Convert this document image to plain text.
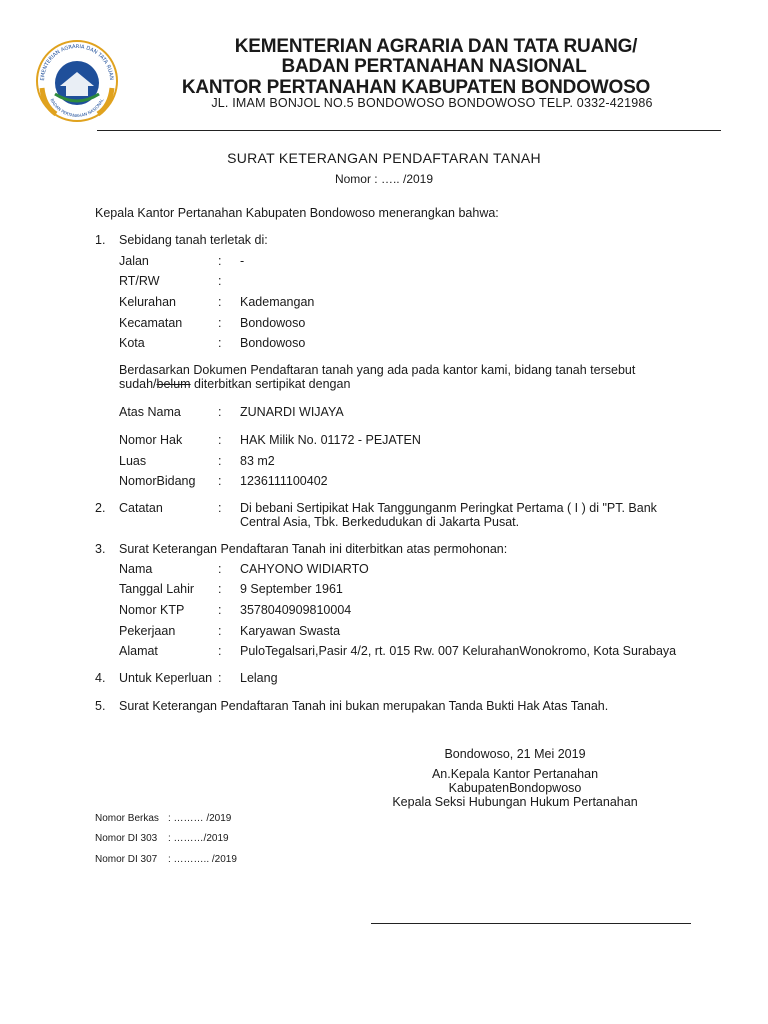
EMENTERIAN AGRARIA DAN TATA RUAN
BADAN PERTANAHAN NASIONAL
KEMENTERIAN AGRARIA DAN TATA RUANG/
BADAN PERTANAHAN NASIONAL
KANTOR PERTANAHAN KABUPATEN BONDOWOSO
JL. IMAM BONJOL NO.5 BONDOWOSO BONDOWOSO TELP. 0332-421986
SURAT KETERANGAN PENDAFTARAN TANAH
Nomor : ….. /2019
Kepala Kantor Pertanahan Kabupaten Bondowoso menerangkan bahwa:
1. Sebidang tanah terletak di:
Jalan	: -
RT/RW	:
Kelurahan	: Kademangan
Kecamatan	: Bondowoso
Kota	: Bondowoso
Berdasarkan Dokumen Pendaftaran tanah yang ada pada kantor kami, bidang tanah tersebut
sudah/belum diterbitkan sertipikat dengan
Atas Nama	: ZUNARDI WIJAYA
Nomor Hak	: HAK Milik No. 01172 - PEJATEN
Luas	: 83 m2
NomorBidang : 1236111100402
2. Catatan	: Di bebani Sertipikat Hak Tanggunganm Peringkat Pertama ( I ) di "PT. Bank
Central Asia, Tbk. Berkedudukan di Jakarta Pusat.
3. Surat Keterangan Pendaftaran Tanah ini diterbitkan atas permohonan:
Nama	: CAHYONO WIDIARTO
Tanggal Lahir : 9 September 1961
Nomor KTP	: 3578040909810004
Pekerjaan	: Karyawan Swasta
Alamat	: PuloTegalsari,Pasir 4/2, rt. 015 Rw. 007 KelurahanWonokromo, Kota Surabaya
4. Untuk Keperluan : Lelang
5. Surat Keterangan Pendaftaran Tanah ini bukan merupakan Tanda Bukti Hak Atas Tanah.
Bondowoso, 21 Mei 2019
An.Kepala Kantor Pertanahan
KabupatenBondopwoso
Kepala Seksi Hubungan Hukum Pertanahan
Nomor Berkas : ……… /2019
Nomor DI 303 : ………/2019
Nomor DI 307 : ……….. /2019
